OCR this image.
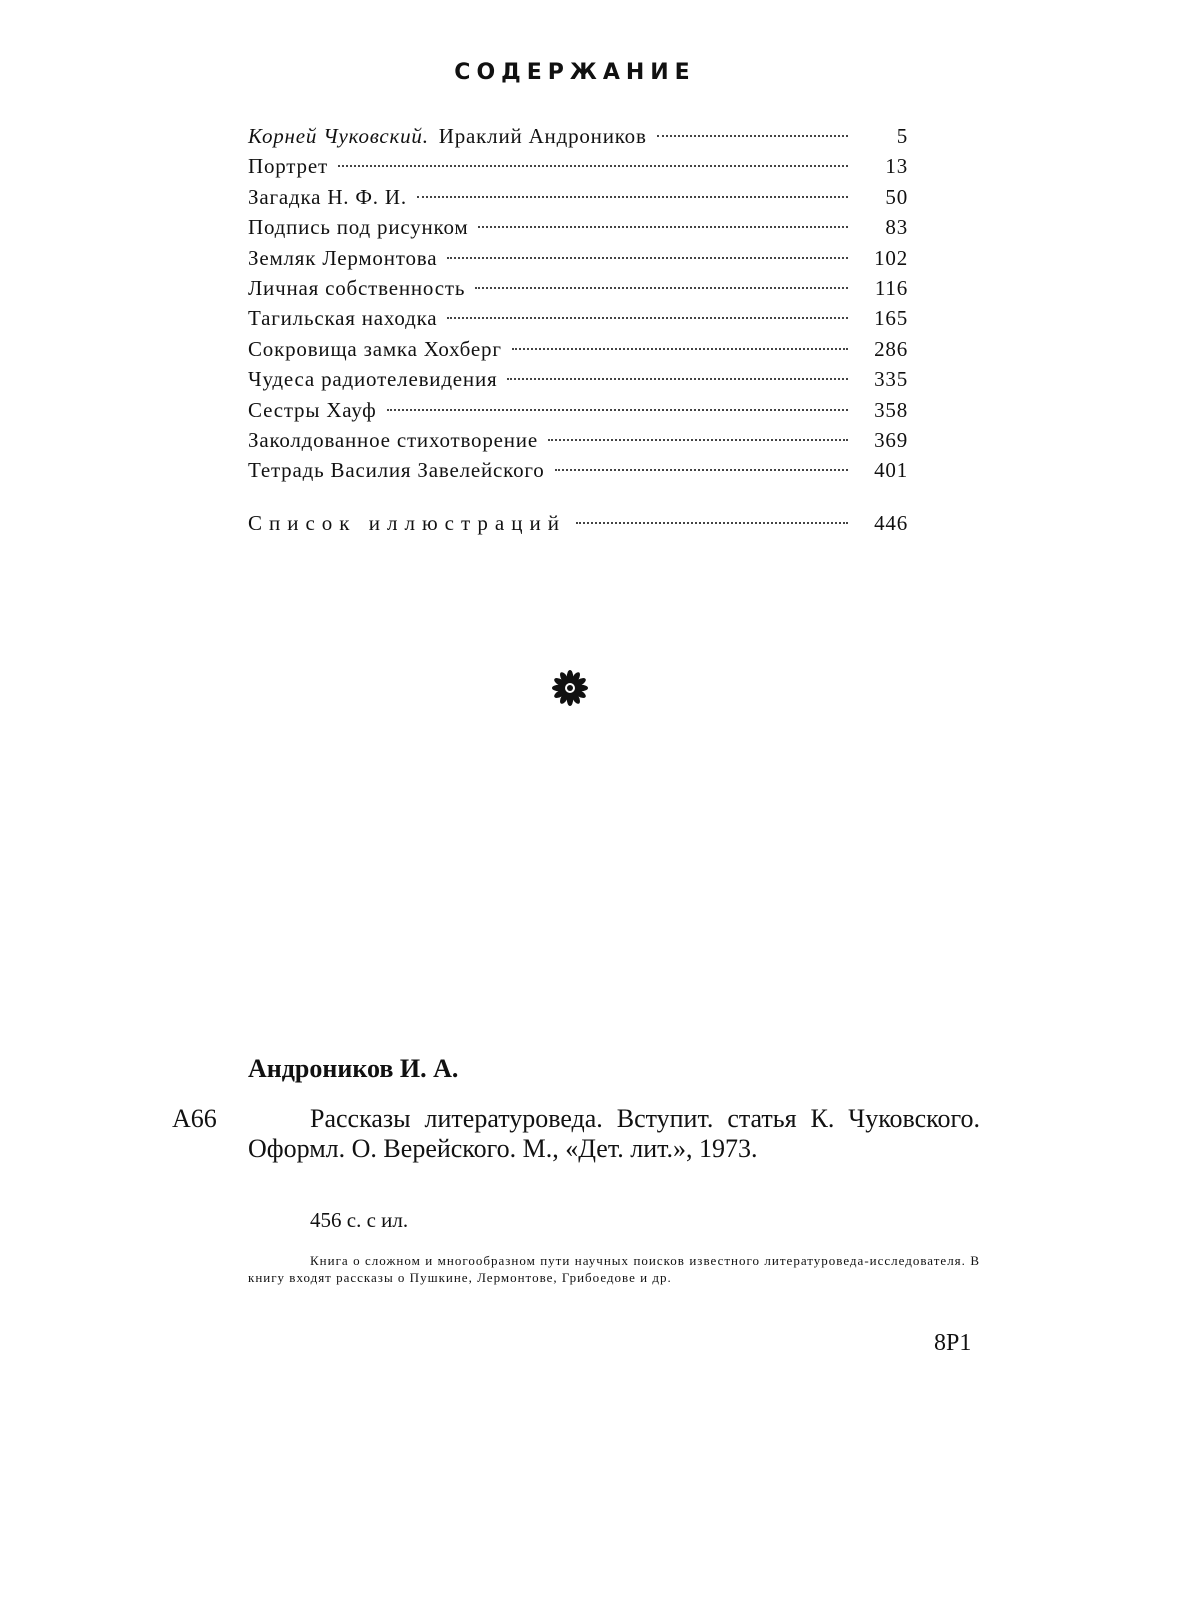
СОДЕРЖАНИЕ
Корней Чуковский. Ираклий Андроников	5
Портрет	13
Загадка Н. Ф. И.	50
Подпись под рисунком	83
Земляк Лермонтова	102
Личная собственность	116
Тагильская находка	165
Сокровища замка Хохберг	286
Чудеса радиотелевидения	335
Сестры Хауф	358
Заколдованное стихотворение	369
Тетрадь Василия Завелейского	401
Список иллюстраций	446
Андроников И. А.
А66	Рассказы литературоведа. Вступит. статья К. Чуковского. Оформл. О. Верейского. М., «Дет. лит.», 1973.
456 с. с ил.
Книга о сложном и многообразном пути научных поисков известного литературоведа-исследователя. В книгу входят рассказы о Пушкине, Лермонтове, Грибоедове и др.
8Р1
